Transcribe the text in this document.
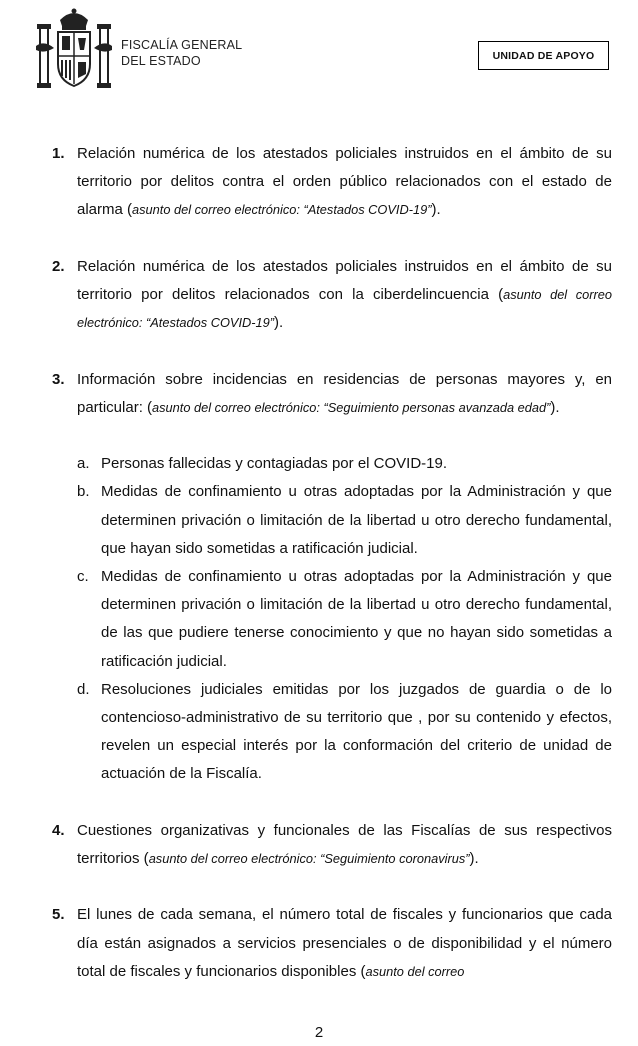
FISCALÍA GENERAL
DEL ESTADO	UNIDAD DE APOYO
1. Relación numérica de los atestados policiales instruidos en el ámbito de su territorio por delitos contra el orden público relacionados con el estado de alarma (asunto del correo electrónico: “Atestados COVID-19”).
2. Relación numérica de los atestados policiales instruidos en el ámbito de su territorio por delitos relacionados con la ciberdelincuencia (asunto del correo electrónico: “Atestados COVID-19”).
3. Información sobre incidencias en residencias de personas mayores y, en particular: (asunto del correo electrónico: “Seguimiento personas avanzada edad”).
a. Personas fallecidas y contagiadas por el COVID-19.
b. Medidas de confinamiento u otras adoptadas por la Administración y que determinen privación o limitación de la libertad u otro derecho fundamental, que hayan sido sometidas a ratificación judicial.
c. Medidas de confinamiento u otras adoptadas por la Administración y que determinen privación o limitación de la libertad u otro derecho fundamental, de las que pudiere tenerse conocimiento y que no hayan sido sometidas a ratificación judicial.
d. Resoluciones judiciales emitidas por los juzgados de guardia o de lo contencioso-administrativo de su territorio que , por su contenido y efectos, revelen un especial interés por la conformación del criterio de unidad de actuación de la Fiscalía.
4. Cuestiones organizativas y funcionales de las Fiscalías de sus respectivos territorios (asunto del correo electrónico: “Seguimiento coronavirus”).
5. El lunes de cada semana, el número total de fiscales y funcionarios que cada día están asignados a servicios presenciales o de disponibilidad y el número total de fiscales y funcionarios disponibles (asunto del correo
2
